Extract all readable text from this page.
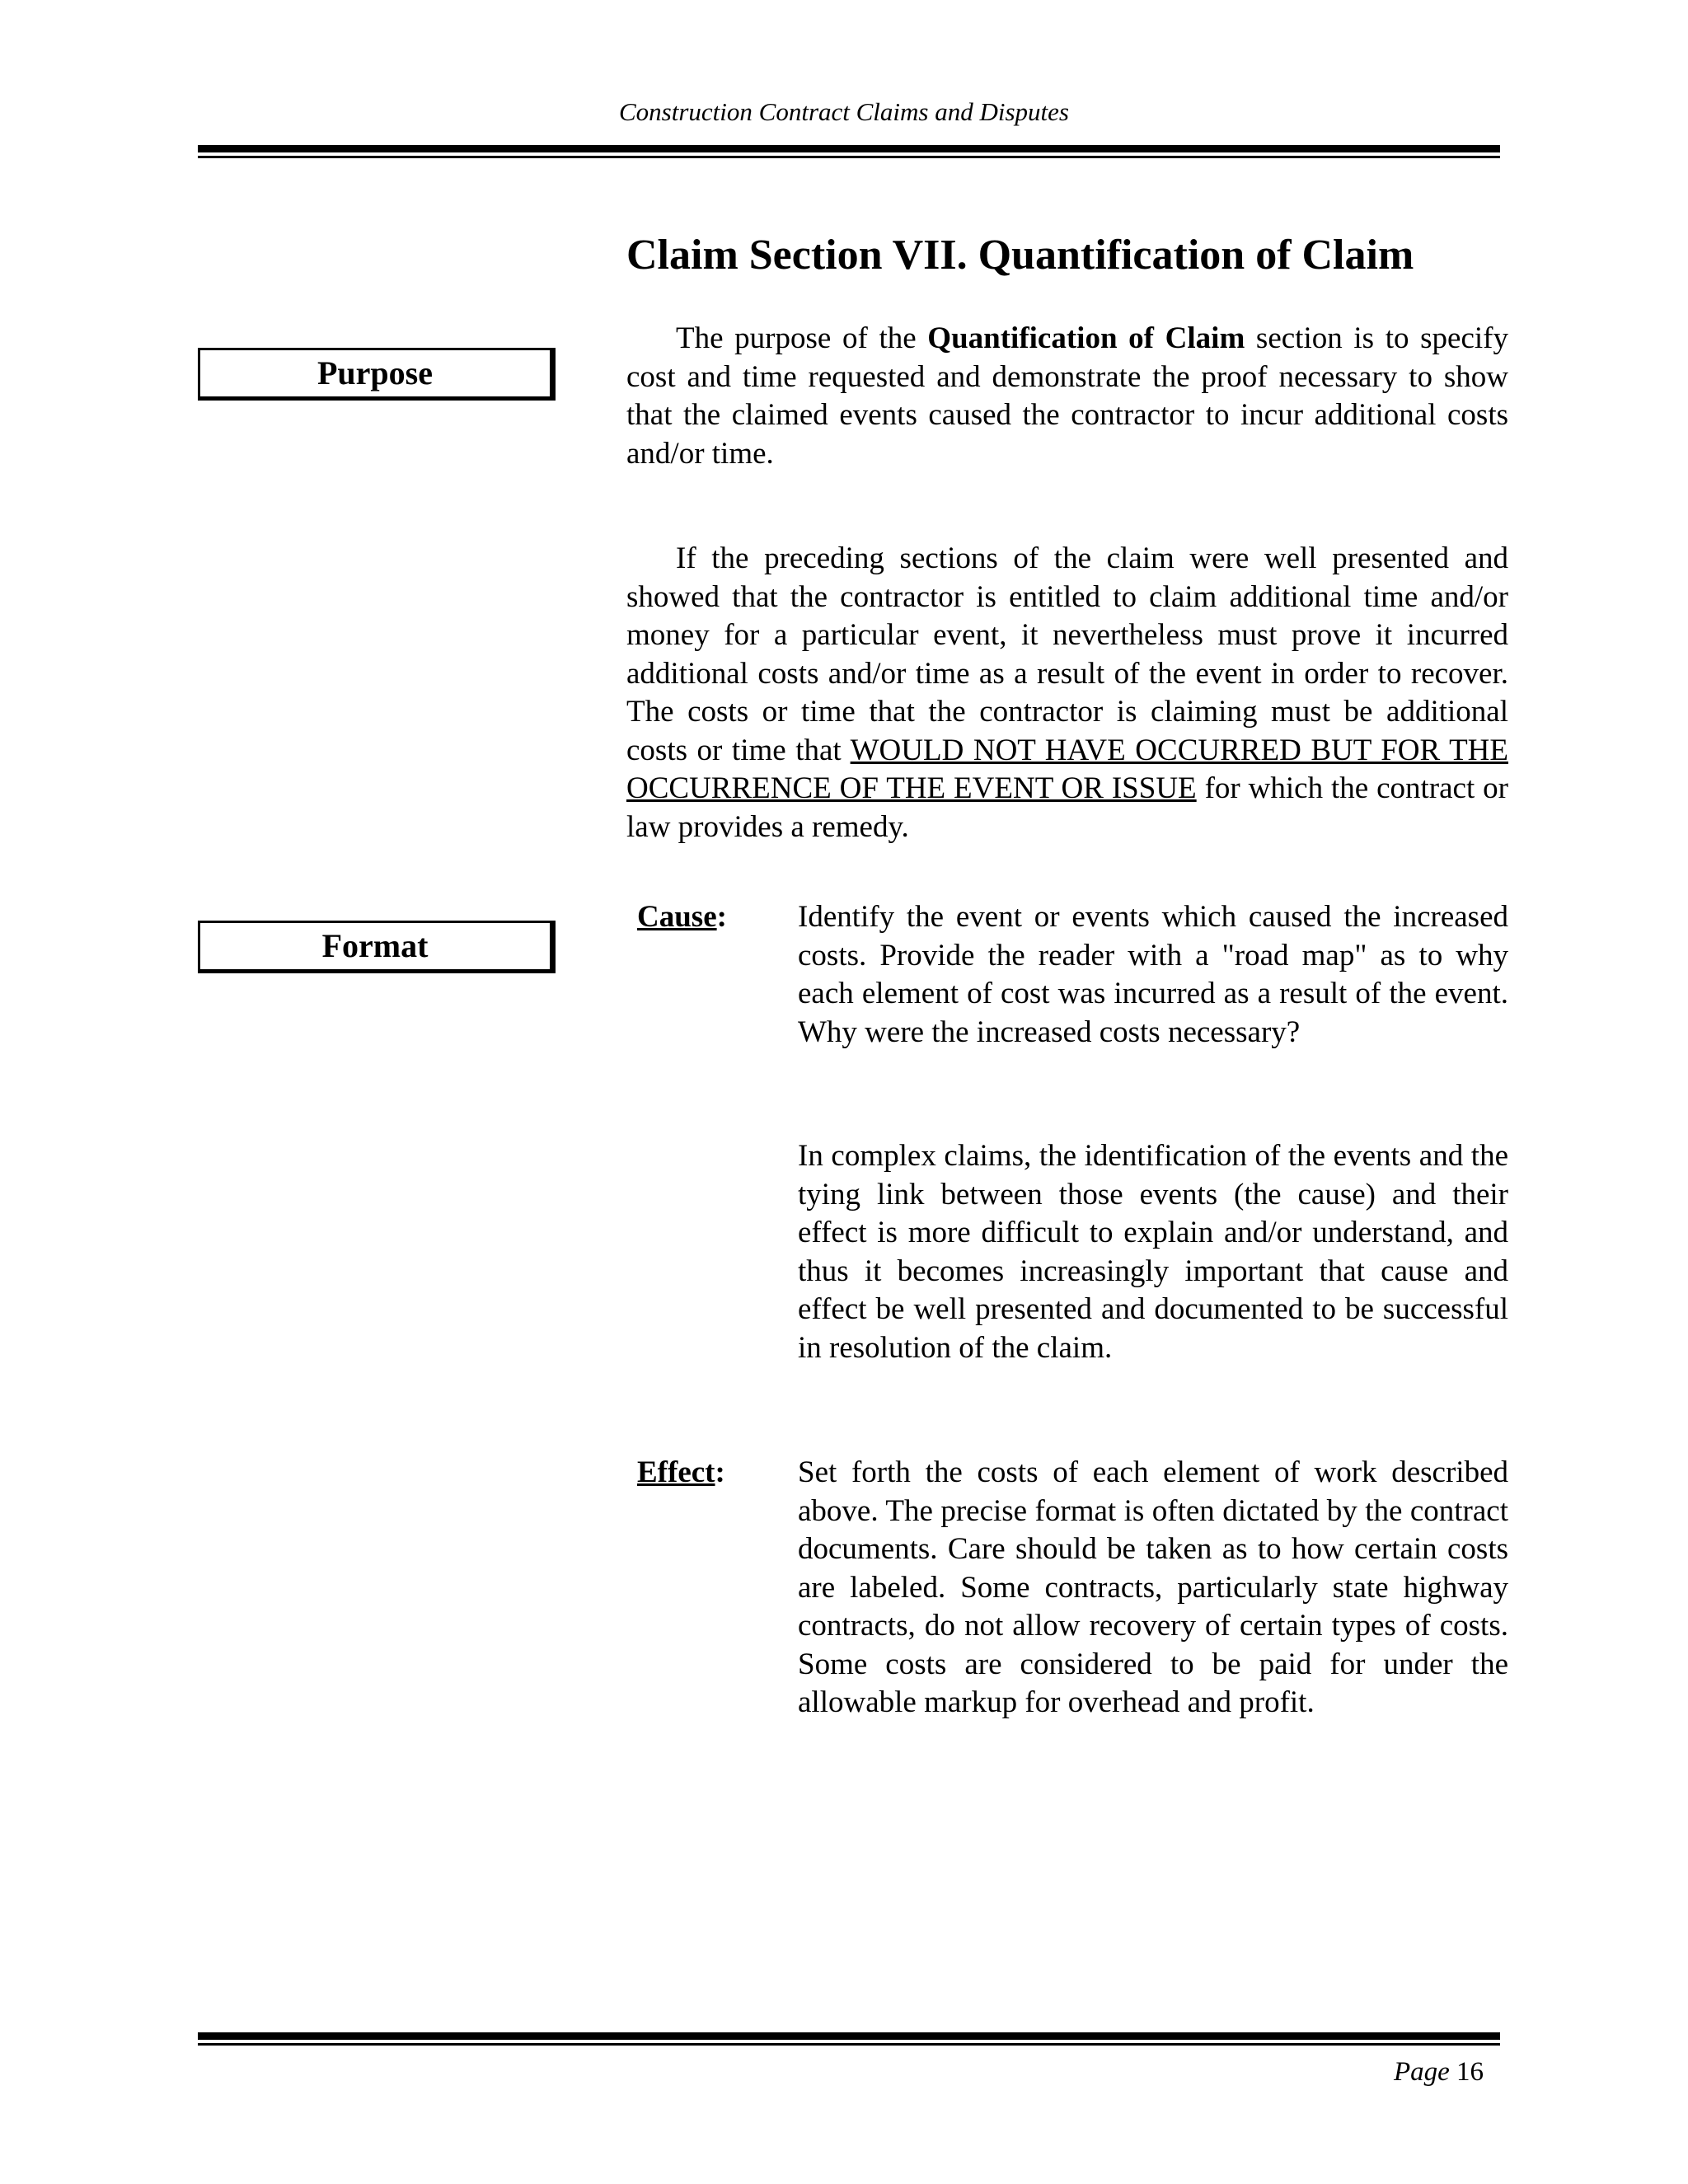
Construction Contract Claims and Disputes
Claim Section VII. Quantification of Claim
Purpose
Format

The purpose of the Quantification of Claim section is to specify cost and time requested and demonstrate the proof necessary to show that the claimed events caused the contractor to incur additional costs and/or time.

If the preceding sections of the claim were well presented and showed that the contractor is entitled to claim additional time and/or money for a particular event, it nevertheless must prove it incurred additional costs and/or time as a result of the event in order to recover. The costs or time that the contractor is claiming must be additional costs or time that WOULD NOT HAVE OCCURRED BUT FOR THE OCCURRENCE OF THE EVENT OR ISSUE for which the contract or law provides a remedy.

Cause: Identify the event or events which caused the increased costs. Provide the reader with a "road map" as to why each element of cost was incurred as a result of the event. Why were the increased costs necessary?

In complex claims, the identification of the events and the tying link between those events (the cause) and their effect is more difficult to explain and/or understand, and thus it becomes increasingly important that cause and effect be well presented and documented to be successful in resolution of the claim.

Effect: Set forth the costs of each element of work described above. The precise format is often dictated by the contract documents. Care should be taken as to how certain costs are labeled. Some contracts, particularly state highway contracts, do not allow recovery of certain types of costs. Some costs are considered to be paid for under the allowable markup for overhead and profit.

Page 16
